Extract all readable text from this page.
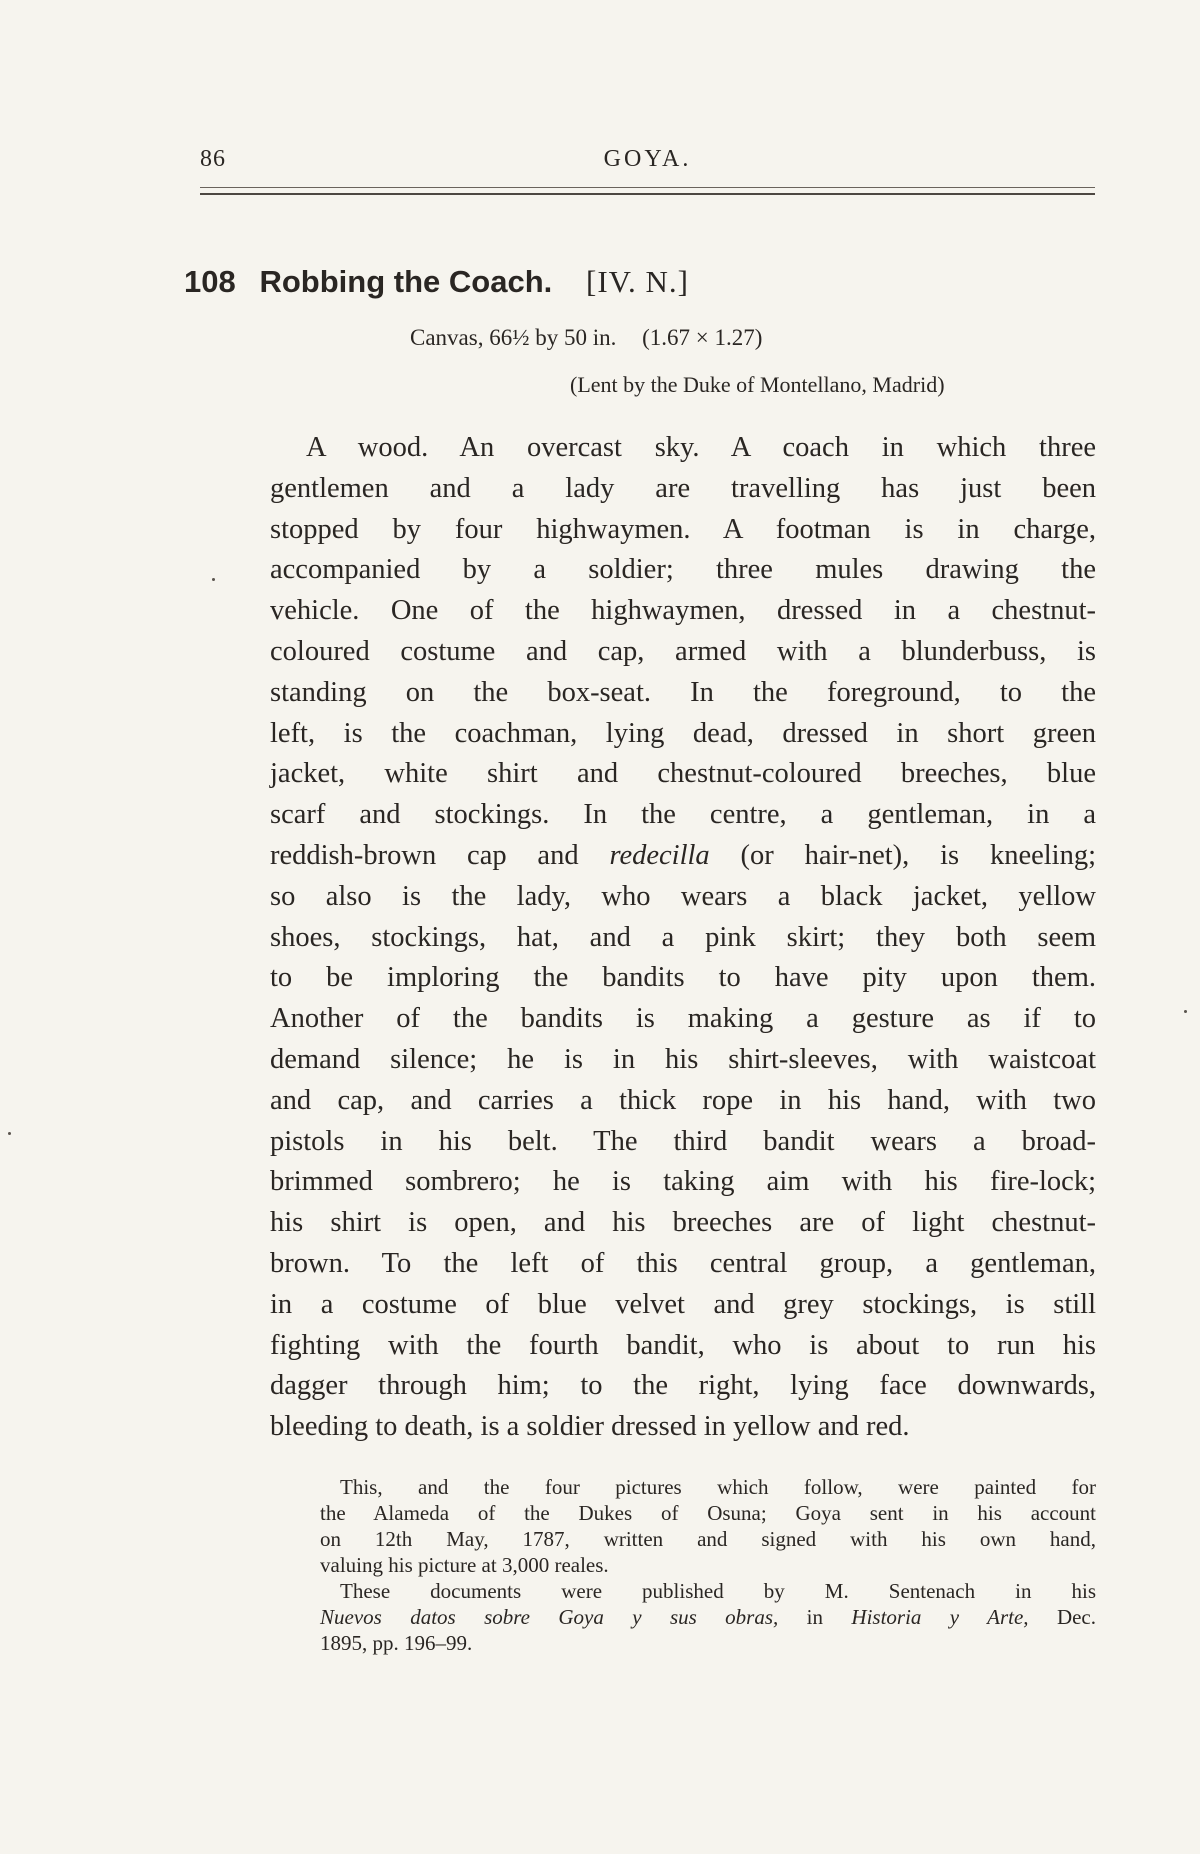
86	GOYA.
108 Robbing the Coach. [IV. N.]
Canvas, 66½ by 50 in. (1.67 × 1.27)
(Lent by the Duke of Montellano, Madrid)
A wood. An overcast sky. A coach in which three
gentlemen and a lady are travelling has just been
stopped by four highwaymen. A footman is in charge,
accompanied by a soldier; three mules drawing the
vehicle. One of the highwaymen, dressed in a chestnut-
coloured costume and cap, armed with a blunderbuss, is
standing on the box-seat. In the foreground, to the
left, is the coachman, lying dead, dressed in short green
jacket, white shirt and chestnut-coloured breeches, blue
scarf and stockings. In the centre, a gentleman, in a
reddish-brown cap and redecilla (or hair-net), is kneeling;
so also is the lady, who wears a black jacket, yellow
shoes, stockings, hat, and a pink skirt; they both seem
to be imploring the bandits to have pity upon them.
Another of the bandits is making a gesture as if to
demand silence; he is in his shirt-sleeves, with waistcoat
and cap, and carries a thick rope in his hand, with two
pistols in his belt. The third bandit wears a broad-
brimmed sombrero; he is taking aim with his fire-lock;
his shirt is open, and his breeches are of light chestnut-
brown. To the left of this central group, a gentleman,
in a costume of blue velvet and grey stockings, is still
fighting with the fourth bandit, who is about to run his
dagger through him; to the right, lying face downwards,
bleeding to death, is a soldier dressed in yellow and red.
This, and the four pictures which follow, were painted for
the Alameda of the Dukes of Osuna; Goya sent in his account
on 12th May, 1787, written and signed with his own hand,
valuing his picture at 3,000 reales.
These documents were published by M. Sentenach in his
Nuevos datos sobre Goya y sus obras, in Historia y Arte, Dec.
1895, pp. 196–99.
